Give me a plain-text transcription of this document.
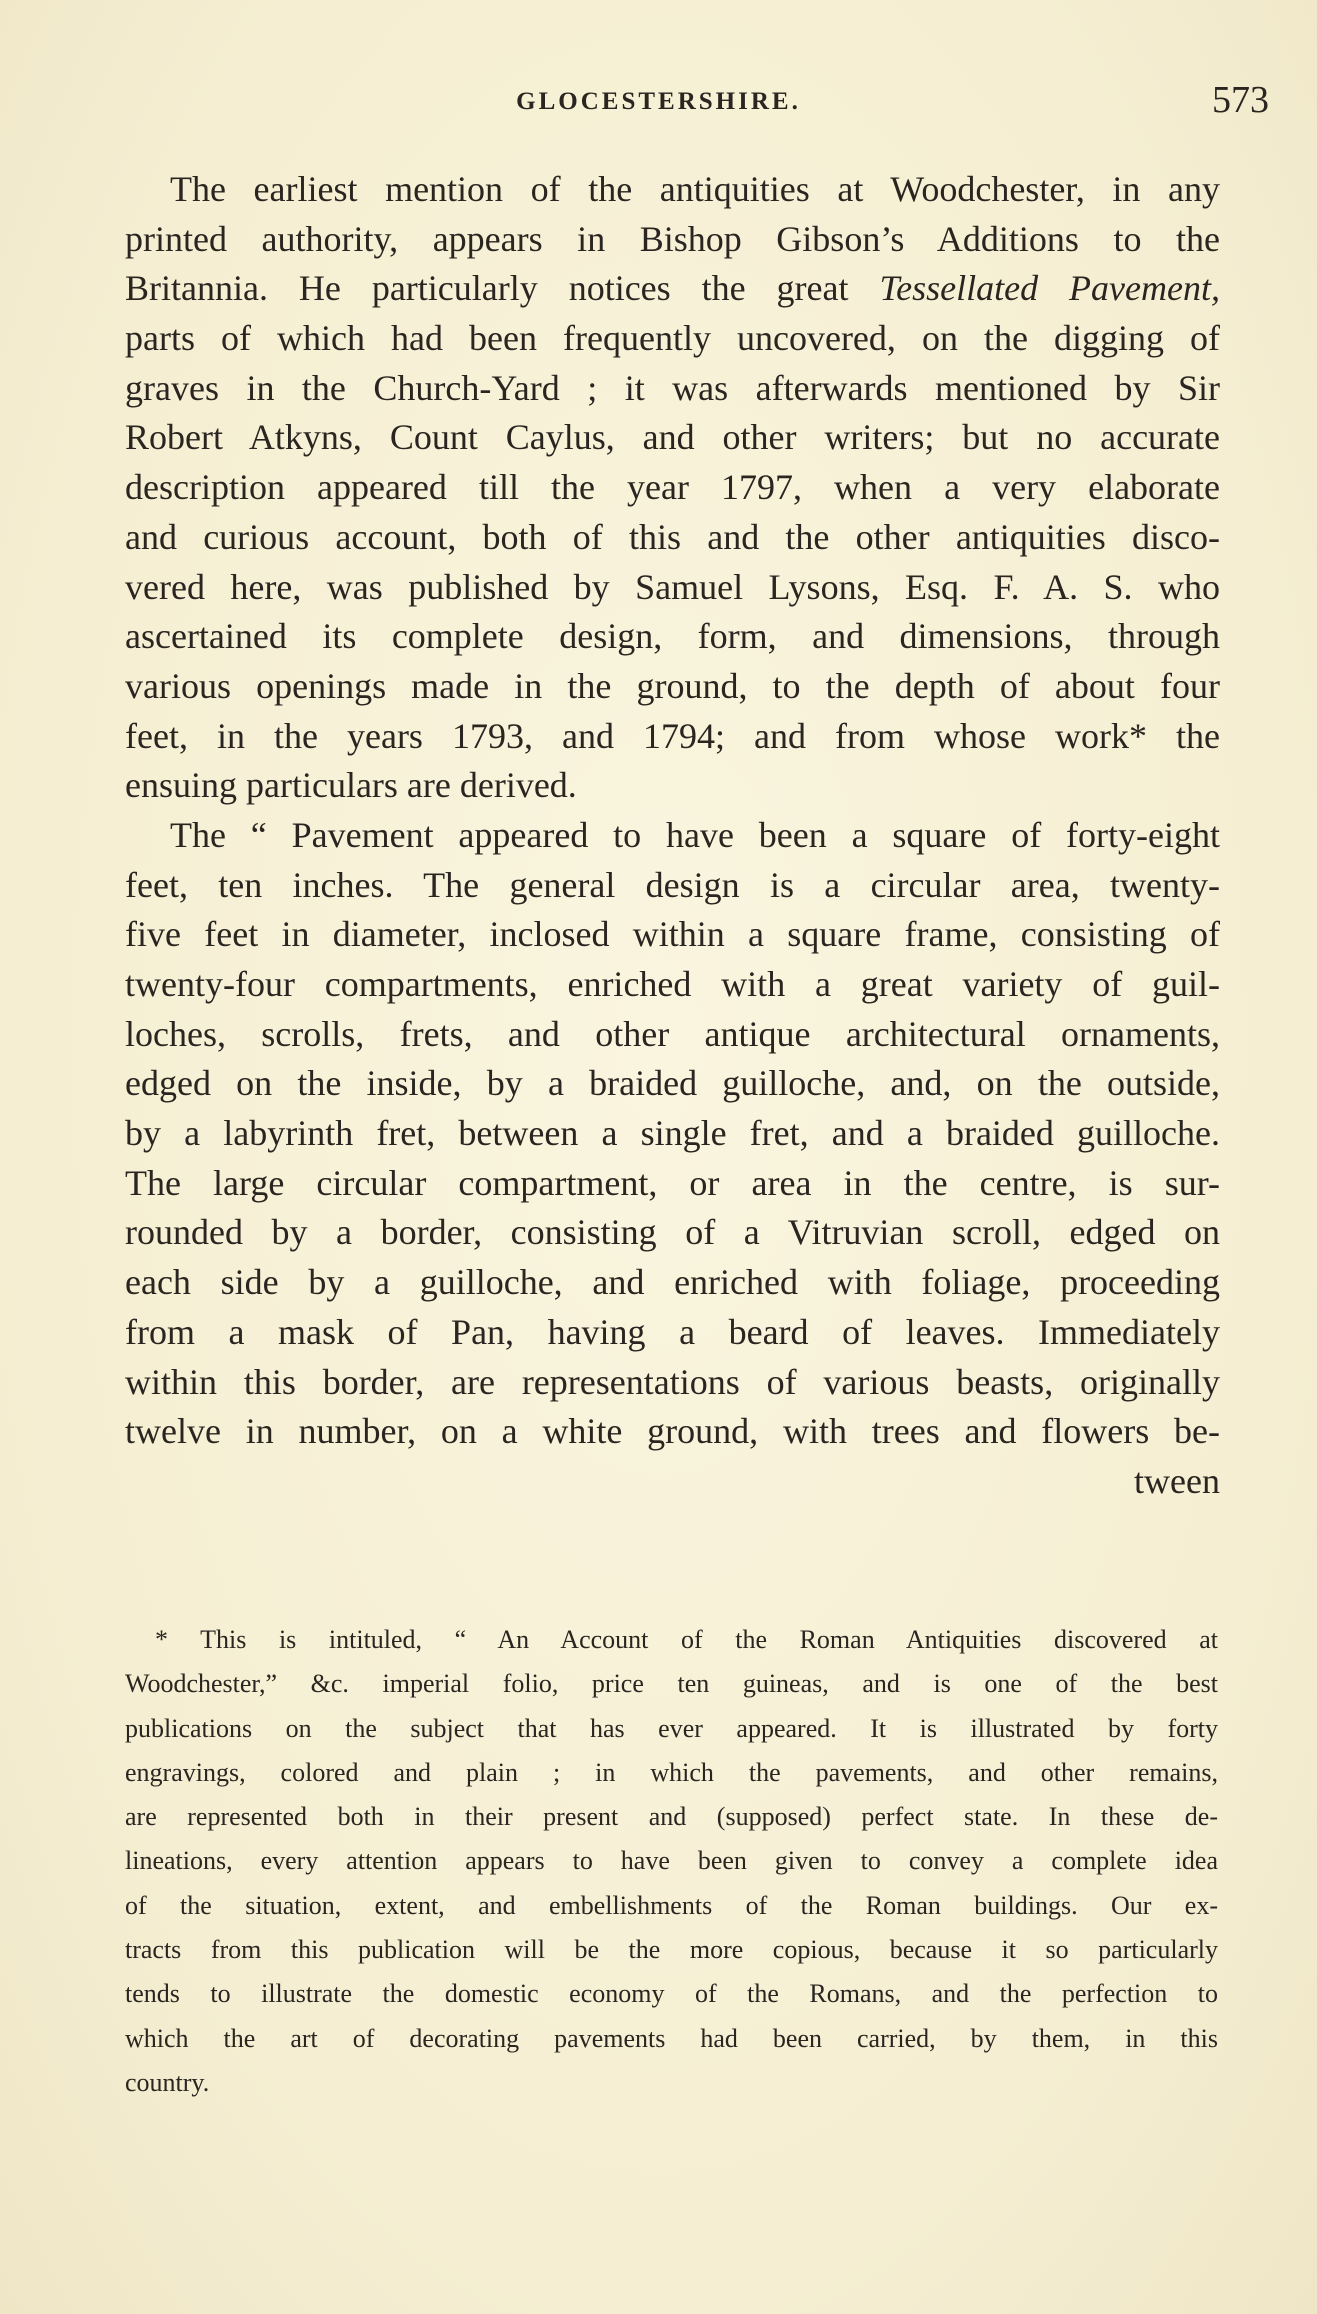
GLOCESTERSHIRE.	573
The earliest mention of the antiquities at Woodchester, in any
printed authority, appears in Bishop Gibson’s Additions to the
Britannia. He particularly notices the great Tessellated Pavement,
parts of which had been frequently uncovered, on the digging of
graves in the Church-Yard ; it was afterwards mentioned by Sir
Robert Atkyns, Count Caylus, and other writers; but no accurate
description appeared till the year 1797, when a very elaborate
and curious account, both of this and the other antiquities disco-
vered here, was published by Samuel Lysons, Esq. F. A. S. who
ascertained its complete design, form, and dimensions, through
various openings made in the ground, to the depth of about four
feet, in the years 1793, and 1794; and from whose work* the
ensuing particulars are derived.
The “ Pavement appeared to have been a square of forty-eight
feet, ten inches. The general design is a circular area, twenty-
five feet in diameter, inclosed within a square frame, consisting of
twenty-four compartments, enriched with a great variety of guil-
loches, scrolls, frets, and other antique architectural ornaments,
edged on the inside, by a braided guilloche, and, on the outside,
by a labyrinth fret, between a single fret, and a braided guilloche.
The large circular compartment, or area in the centre, is sur-
rounded by a border, consisting of a Vitruvian scroll, edged on
each side by a guilloche, and enriched with foliage, proceeding
from a mask of Pan, having a beard of leaves. Immediately
within this border, are representations of various beasts, originally
twelve in number, on a white ground, with trees and flowers be-
tween
* This is intituled, “ An Account of the Roman Antiquities discovered at
Woodchester,” &c. imperial folio, price ten guineas, and is one of the best
publications on the subject that has ever appeared. It is illustrated by forty
engravings, colored and plain ; in which the pavements, and other remains,
are represented both in their present and (supposed) perfect state. In these de-
lineations, every attention appears to have been given to convey a complete idea
of the situation, extent, and embellishments of the Roman buildings. Our ex-
tracts from this publication will be the more copious, because it so particularly
tends to illustrate the domestic economy of the Romans, and the perfection to
which the art of decorating pavements had been carried, by them, in this
country.
